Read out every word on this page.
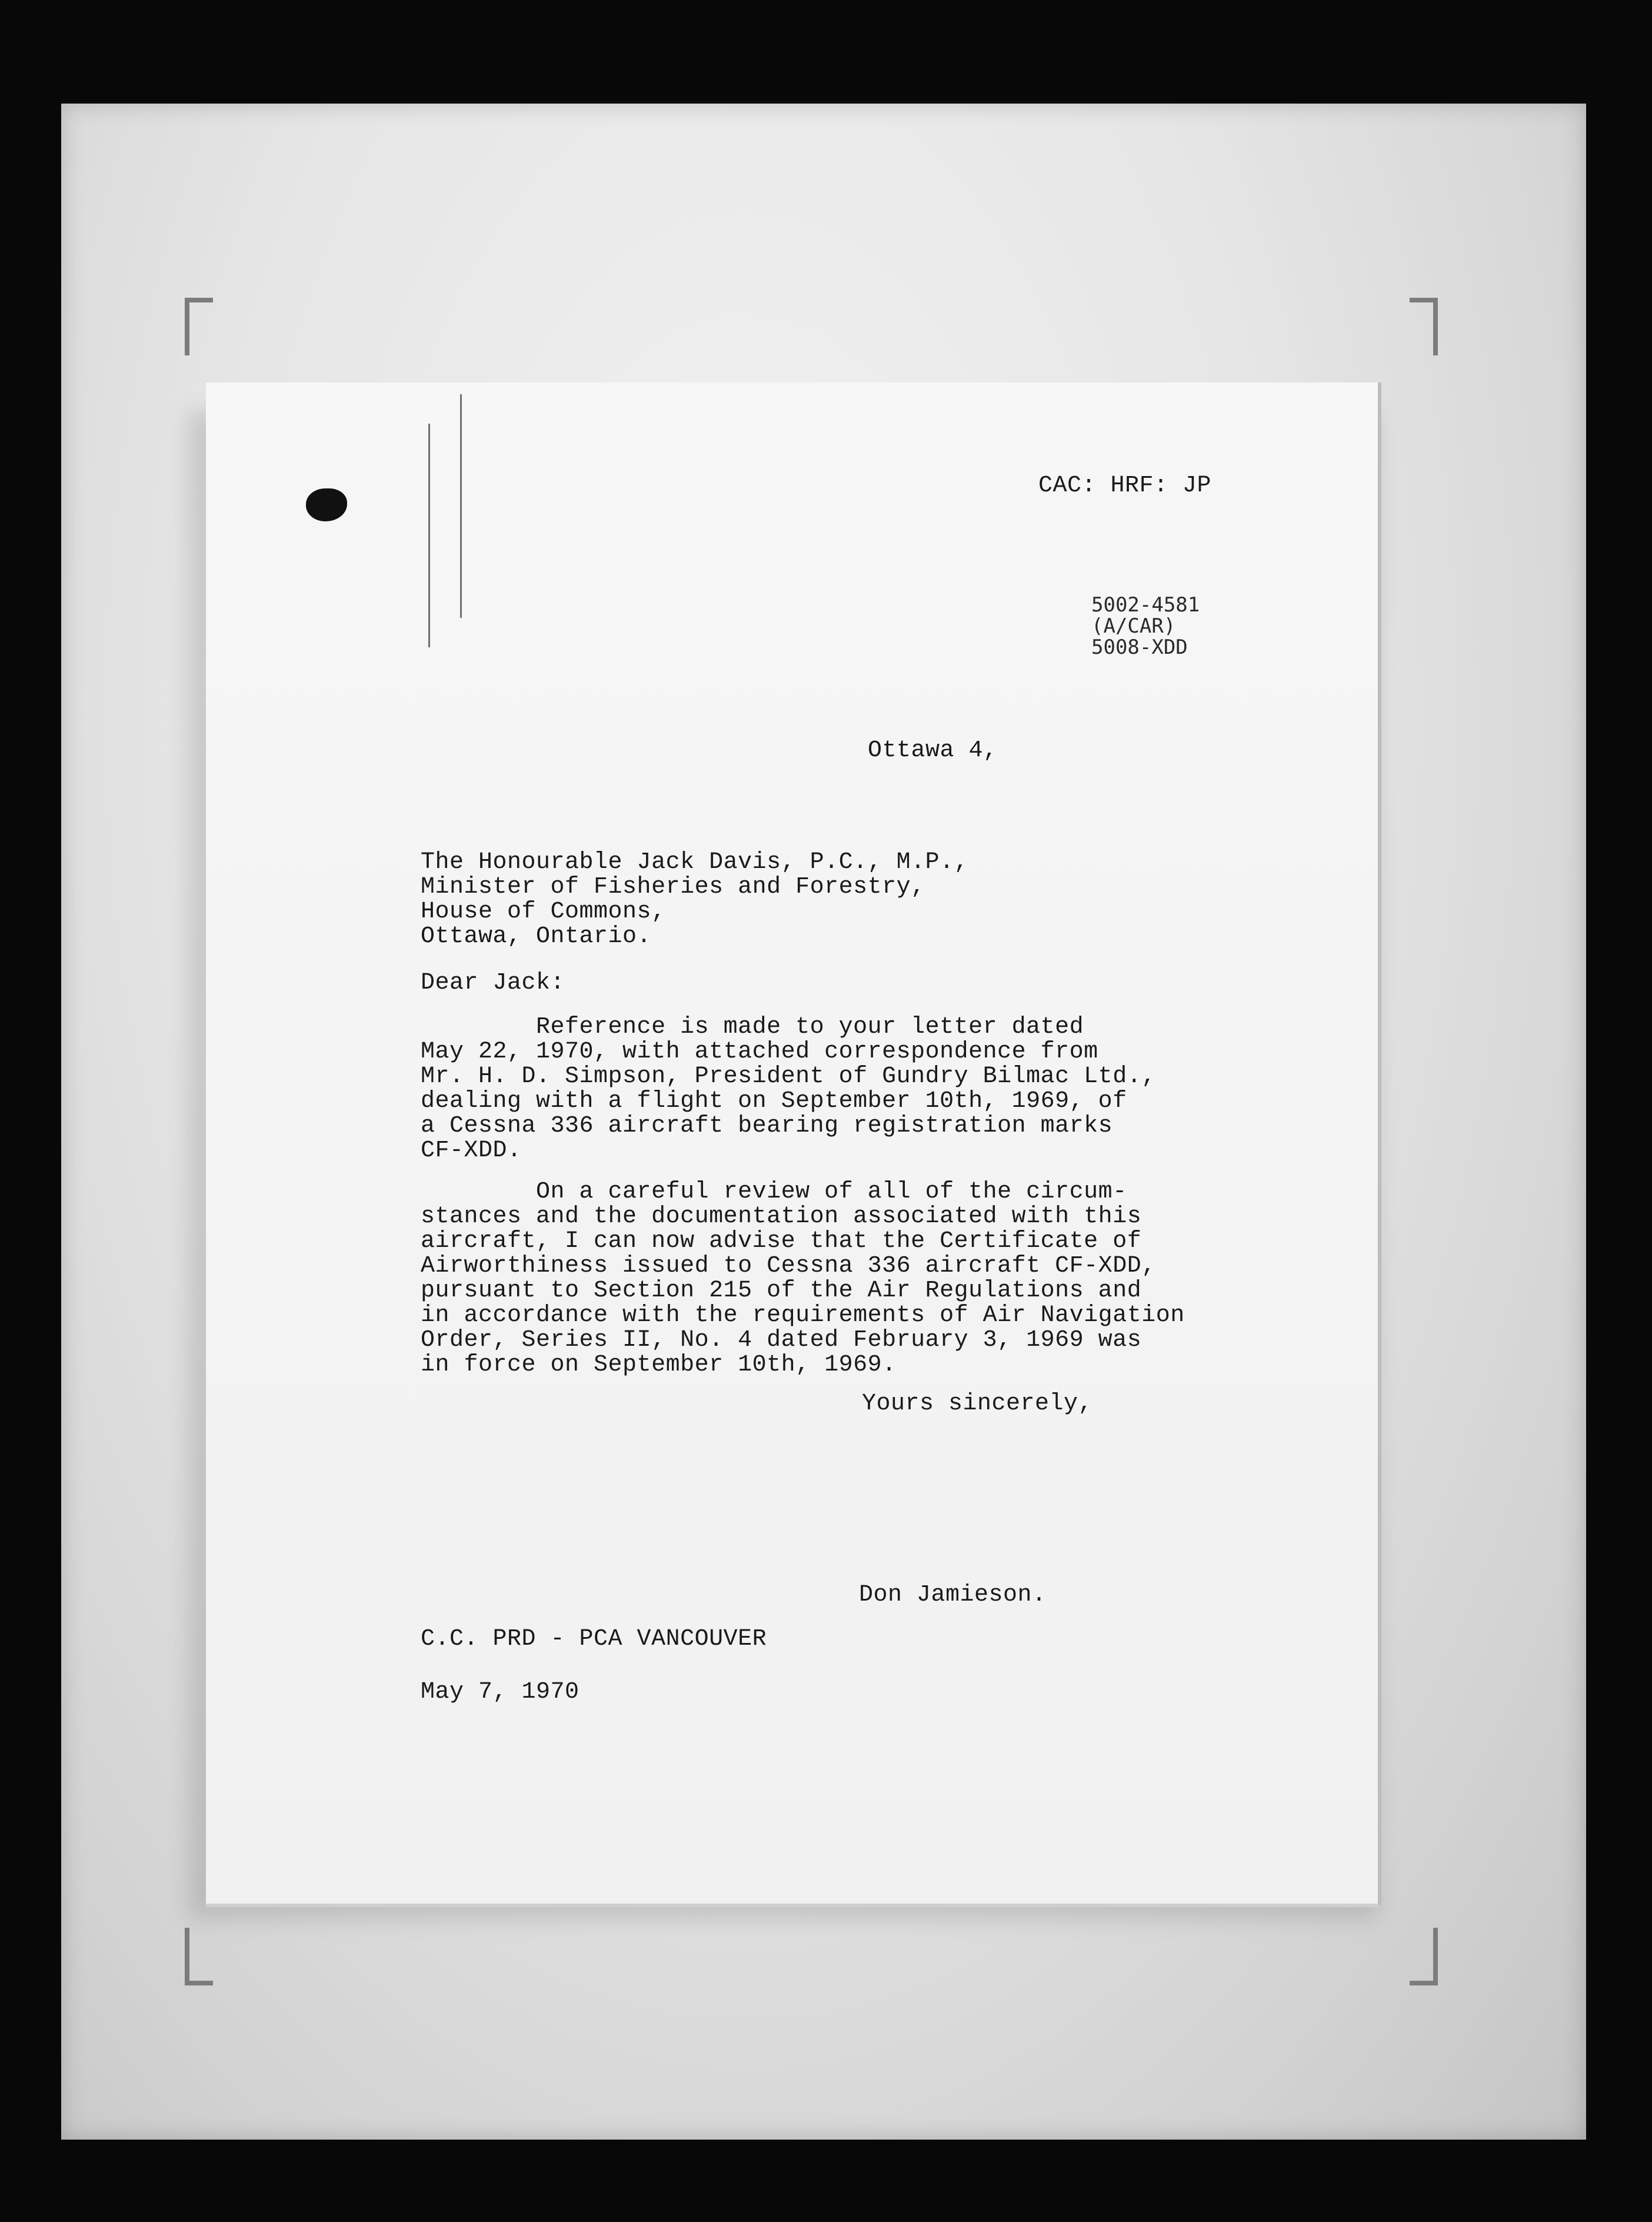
CAC: HRF: JP
5002-4581
(A/CAR)
5008-XDD
Ottawa 4,
The Honourable Jack Davis, P.C., M.P.,
Minister of Fisheries and Forestry,
House of Commons,
Ottawa, Ontario.
Dear Jack:
Reference is made to your letter dated
May 22, 1970, with attached correspondence from
Mr. H. D. Simpson, President of Gundry Bilmac Ltd.,
dealing with a flight on September 10th, 1969, of
a Cessna 336 aircraft bearing registration marks
CF-XDD.
On a careful review of all of the circum-
stances and the documentation associated with this
aircraft, I can now advise that the Certificate of
Airworthiness issued to Cessna 336 aircraft CF-XDD,
pursuant to Section 215 of the Air Regulations and
in accordance with the requirements of Air Navigation
Order, Series II, No. 4 dated February 3, 1969 was
in force on September 10th, 1969.
Yours sincerely,
Don Jamieson.
C.C. PRD - PCA VANCOUVER
May 7, 1970
